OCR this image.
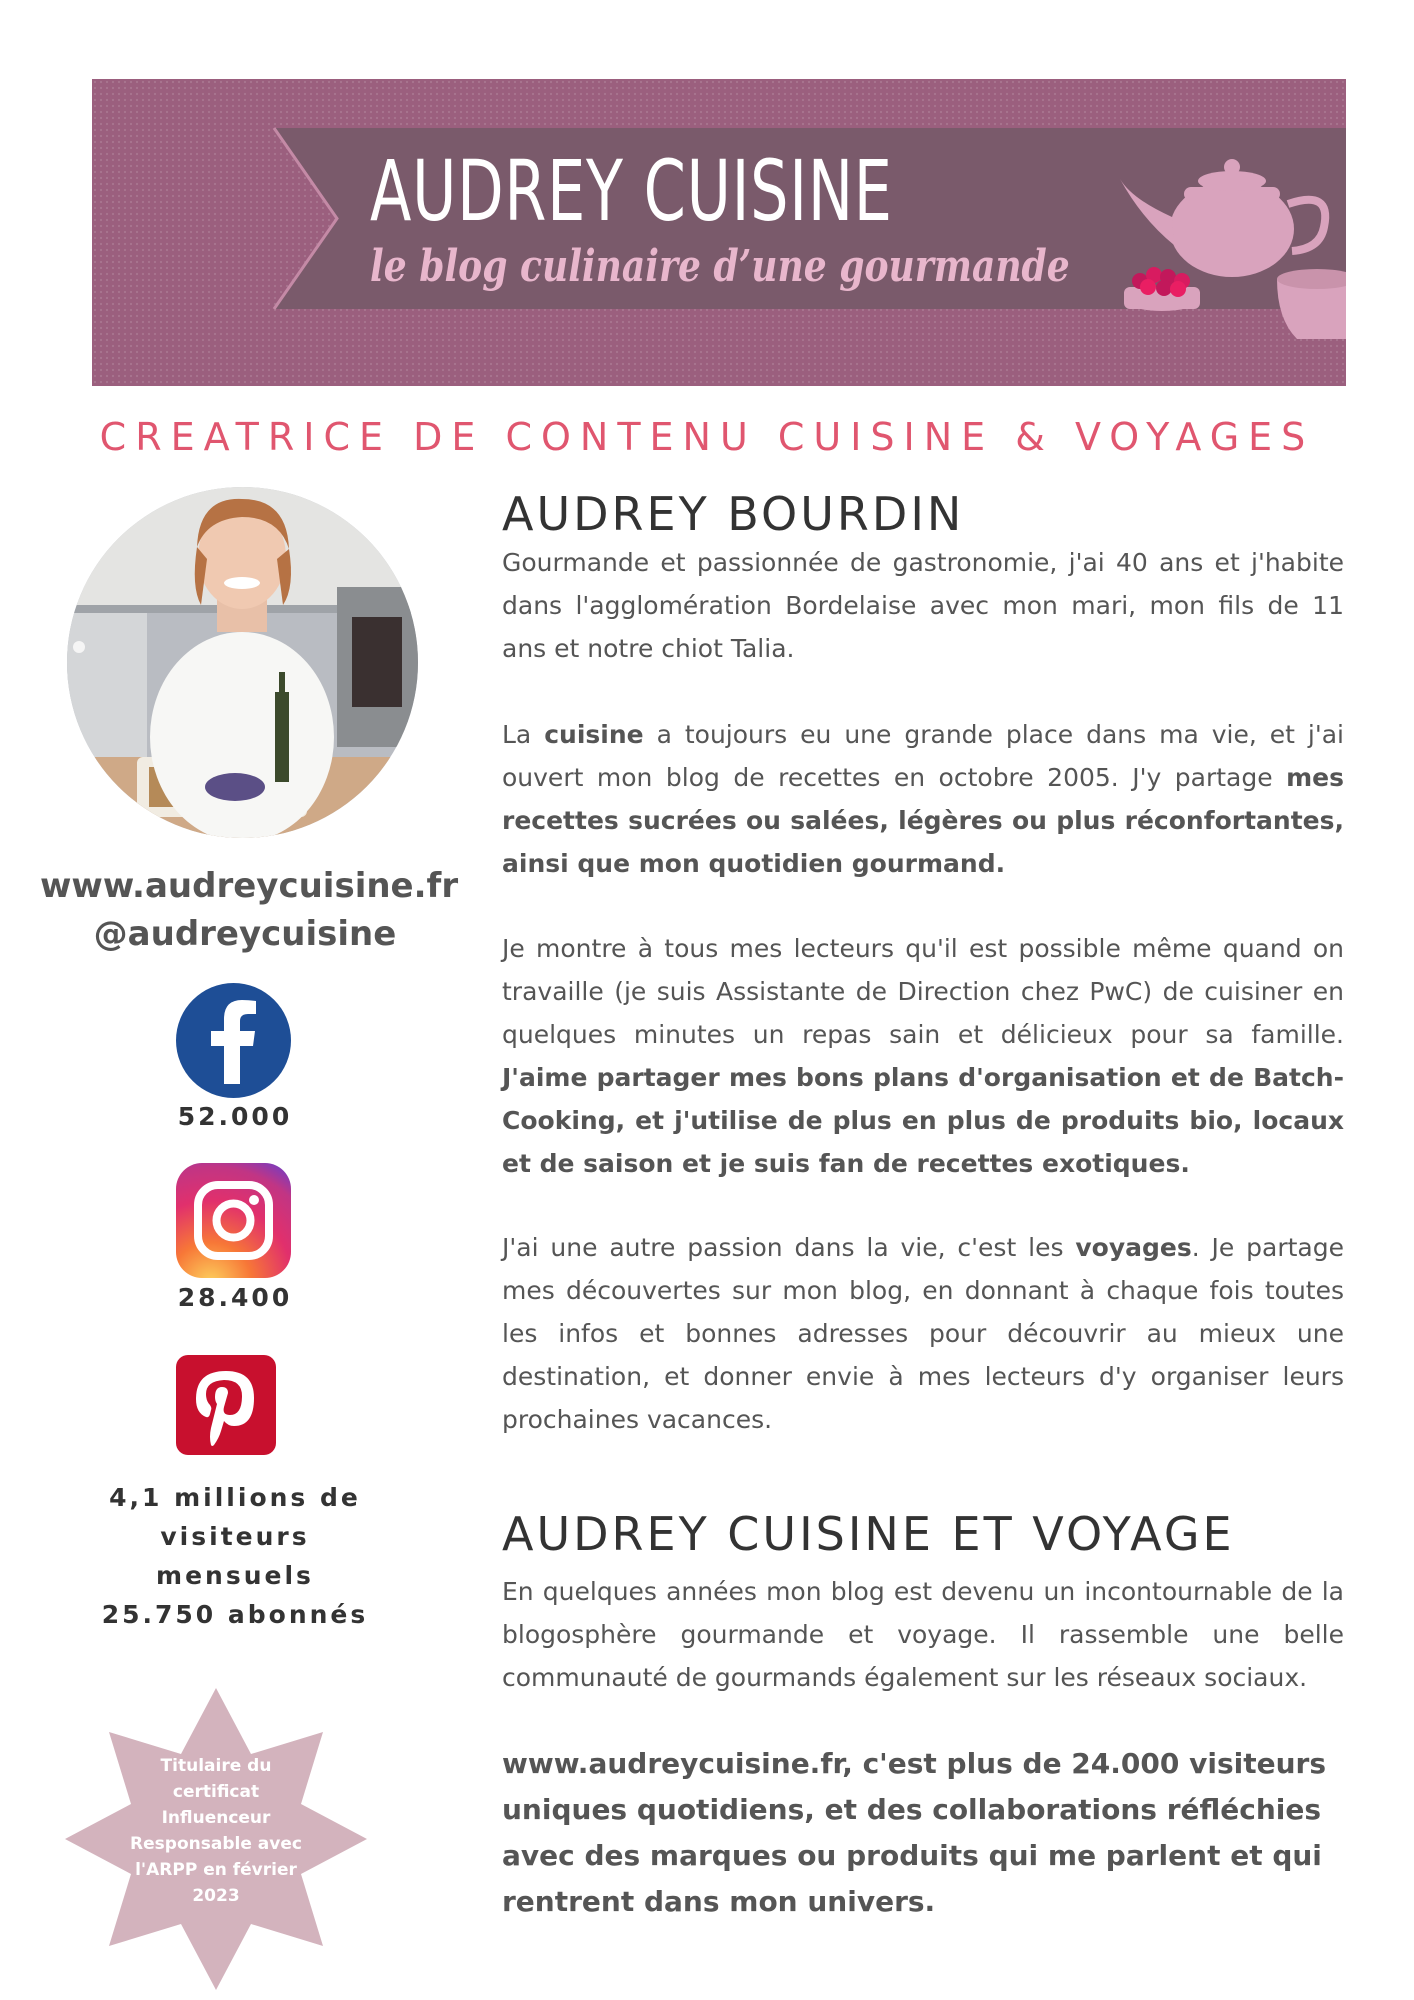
AUDREY CUISINE
le blog culinaire d’une gourmande
CREATRICE DE CONTENU CUISINE & VOYAGES
www.audreycuisine.fr
@audreycuisine
52.000
28.400
4,1 millions de
visiteurs
mensuels
25.750 abonnés
Titulaire du
certificat
Influenceur
Responsable avec
l'ARPP en février
2023
AUDREY BOURDIN

Gourmande et passionnée de gastronomie, j'ai 40 ans et j'habite dans l'agglomération Bordelaise avec mon mari, mon fils de 11 ans et notre chiot Talia.

La cuisine a toujours eu une grande place dans ma vie, et j'ai ouvert mon blog de recettes en octobre 2005. J'y partage mes recettes sucrées ou salées, légères ou plus réconfortantes, ainsi que mon quotidien gourmand.

Je montre à tous mes lecteurs qu'il est possible même quand on travaille (je suis Assistante de Direction chez PwC) de cuisiner en quelques minutes un repas sain et délicieux pour sa famille. J'aime partager mes bons plans d'organisation et de Batch-Cooking, et j'utilise de plus en plus de produits bio, locaux et de saison et je suis fan de recettes exotiques.

J'ai une autre passion dans la vie, c'est les voyages. Je partage mes découvertes sur mon blog, en donnant à chaque fois toutes les infos et bonnes adresses pour découvrir au mieux une destination, et donner envie à mes lecteurs d'y organiser leurs prochaines vacances.

AUDREY CUISINE ET VOYAGE

En quelques années mon blog est devenu un incontournable de la blogosphère gourmande et voyage. Il rassemble une belle communauté de gourmands également sur les réseaux sociaux.

www.audreycuisine.fr, c'est plus de 24.000 visiteurs uniques quotidiens, et des collaborations réfléchies avec des marques ou produits qui me parlent et qui rentrent dans mon univers.
